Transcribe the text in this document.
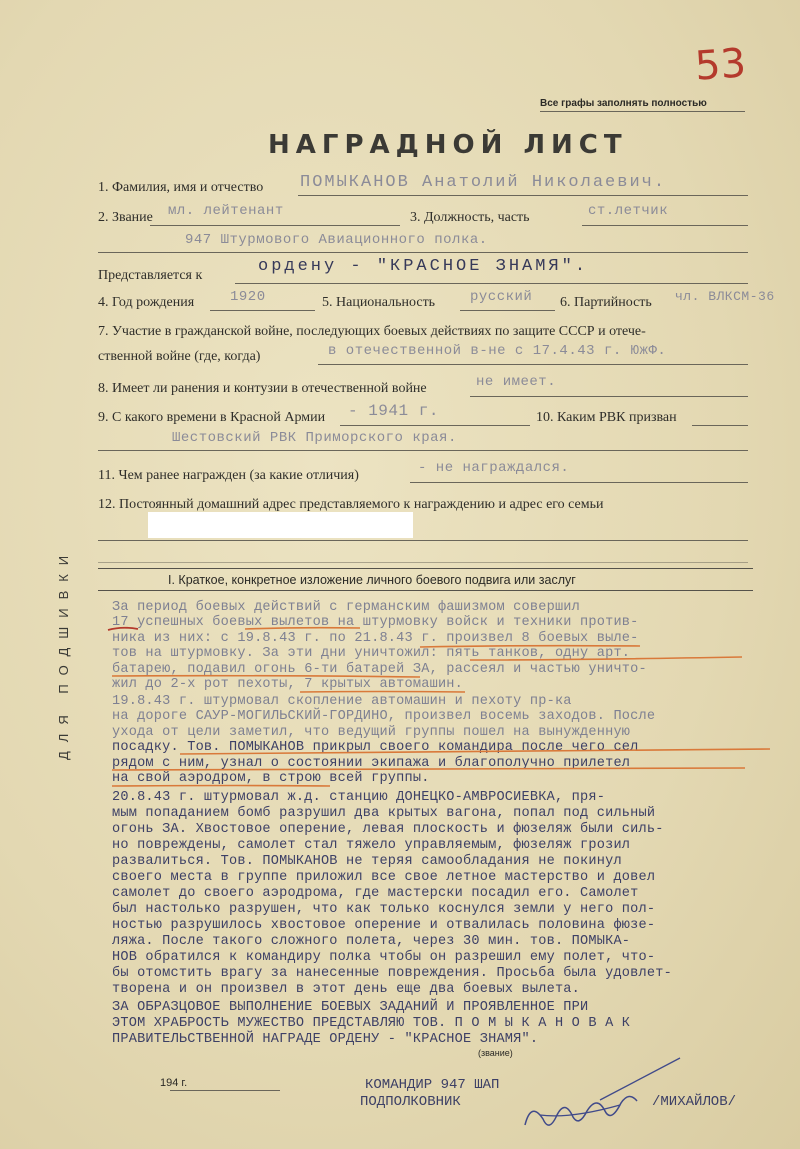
53
Все графы заполнять полностью
НАГРАДНОЙ ЛИСТ
ДЛЯ ПОДШИВКИ
1. Фамилия, имя и отчество ПОМЫКАНОВ Анатолий Николаевич.
2. Звание мл. лейтенант	3. Должность, часть	ст.летчик
947 Штурмового Авиационного полка.
Представляется к	ордену - "КРАСНОЕ ЗНАМЯ".
4. Год рождения	1920	5. Национальность русский 6. Партийность чл. ВЛКСМ-36
7. Участие в гражданской войне, последующих боевых действиях по защите СССР и отече-
ственной войне (где, когда)	в отечественной в-не с 17.4.43 г. ЮжФ.
8. Имеет ли ранения и контузии в отечественной войне	не имеет.
9. С какого времени в Красной Армии - 1941 г.	10. Каким РВК призван
Шестовский РВК Приморского края.
11. Чем ранее награжден (за какие отличия)	- не награждался.
12. Постоянный домашний адрес представляемого к награждению и адрес его семьи
I. Краткое, конкретное изложение личного боевого подвига или заслуг
За период боевых действий с германским фашизмом совершил
17 успешных боевых вылетов на штурмовку войск и техники против-
ника из них: с 19.8.43 г. по 21.8.43 г. произвел 8 боевых выле-
тов на штурмовку. За эти дни уничтожил: пять танков, одну арт.
батарею, подавил огонь 6-ти батарей ЗА, рассеял и частью уничто-
жил до 2-х рот пехоты, 7 крытых автомашин.
19.8.43 г. штурмовал скопление автомашин и пехоту пр-ка
на дороге САУР-МОГИЛЬСКИЙ-ГОРДИНО, произвел восемь заходов. После
ухода от цели заметил, что ведущий группы пошел на вынужденную
посадку. Тов. ПОМЫКАНОВ прикрыл своего командира после чего сел
рядом с ним, узнал о состоянии экипажа и благополучно прилетел
на свой аэродром, в строю всей группы.
20.8.43 г. штурмовал ж.д. станцию ДОНЕЦКО-АМВРОСИЕВКА, пря-
мым попаданием бомб разрушил два крытых вагона, попал под сильный
огонь ЗА. Хвостовое оперение, левая плоскость и фюзеляж были силь-
но повреждены, самолет стал тяжело управляемым, фюзеляж грозил
развалиться. Тов. ПОМЫКАНОВ не теряя самообладания не покинул
своего места в группе приложил все свое летное мастерство и довел
самолет до своего аэродрома, где мастерски посадил его. Самолет
был настолько разрушен, что как только коснулся земли у него пол-
ностью разрушилось хвостовое оперение и отвалилась половина фюзе-
ляжа. После такого сложного полета, через 30 мин. тов. ПОМЫКА-
НОВ обратился к командиру полка чтобы он разрешил ему полет, что-
бы отомстить врагу за нанесенные повреждения. Просьба была удовлет-
творена и он произвел в этот день еще два боевых вылета.
ЗА ОБРАЗЦОВОЕ ВЫПОЛНЕНИЕ БОЕВЫХ ЗАДАНИЙ И ПРОЯВЛЕННОЕ ПРИ
ЭТОМ ХРАБРОСТЬ МУЖЕСТВО ПРЕДСТАВЛЯЮ ТОВ. П О М Ы К А Н О В А К
ПРАВИТЕЛЬСТВЕННОЙ НАГРАДЕ ОРДЕНУ - "КРАСНОЕ ЗНАМЯ".
(звание)
194 г.	КОМАНДИР 947 ШАП
ПОДПОЛКОВНИК	/МИХАЙЛОВ/
